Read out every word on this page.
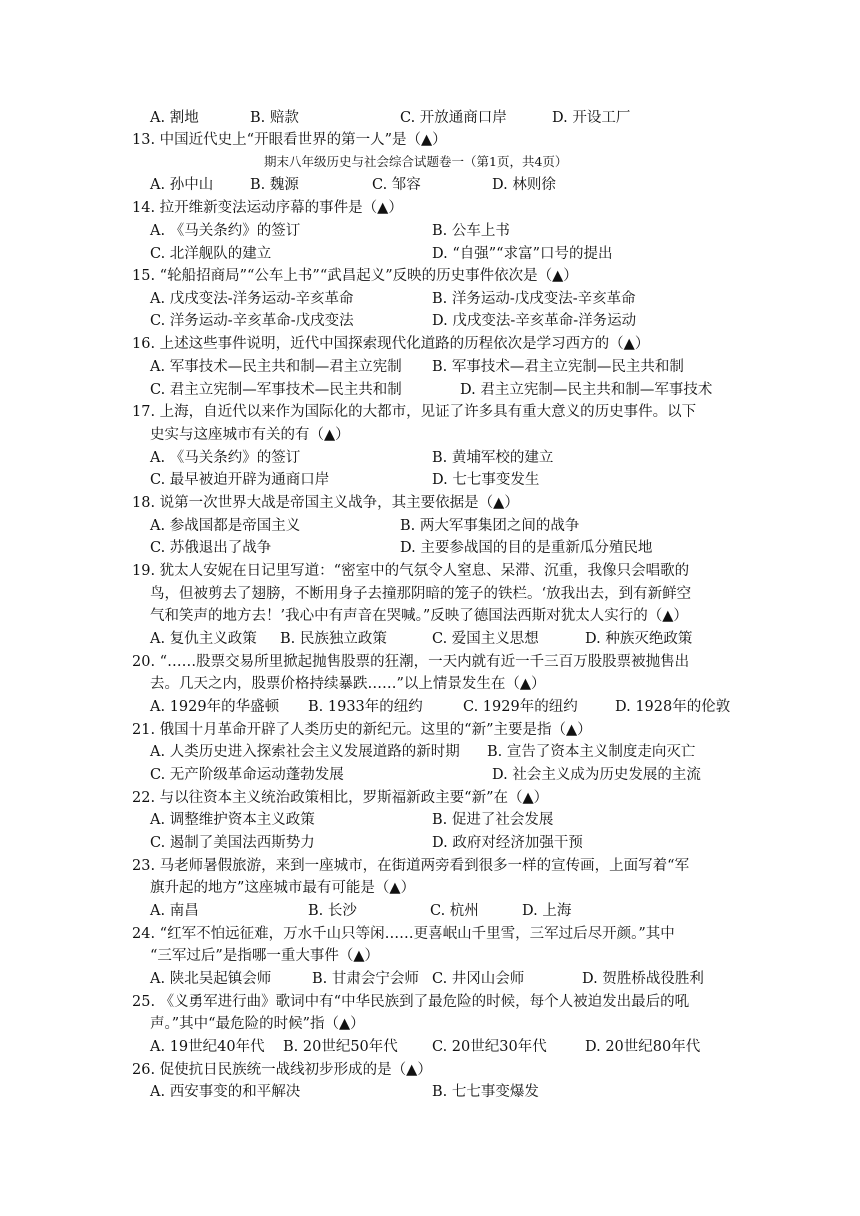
期末八年级历史与社会综合试题卷一（第1页，共4页）
A. 割地	B. 赔款	C. 开放通商口岸	D. 开设工厂
13. 中国近代史上“开眼看世界的第一人”是（▲）
A. 孙中山	B. 魏源	C. 邹容	D. 林则徐
14. 拉开维新变法运动序幕的事件是（▲）
A. 《马关条约》的签订	B. 公车上书
C. 北洋舰队的建立	D. “自强”“求富”口号的提出
15. “轮船招商局”“公车上书”“武昌起义”反映的历史事件依次是（▲）
A. 戊戌变法-洋务运动-辛亥革命	B. 洋务运动-戊戌变法-辛亥革命
C. 洋务运动-辛亥革命-戊戌变法	D. 戊戌变法-辛亥革命-洋务运动
16. 上述这些事件说明，近代中国探索现代化道路的历程依次是学习西方的（▲）
A. 军事技术—民主共和制—君主立宪制 B. 军事技术—君主立宪制—民主共和制
C. 君主立宪制—军事技术—民主共和制	D. 君主立宪制—民主共和制—军事技术
17. 上海，自近代以来作为国际化的大都市，见证了许多具有重大意义的历史事件。以下
史实与这座城市有关的有（▲）
A. 《马关条约》的签订	B. 黄埔军校的建立
C. 最早被迫开辟为通商口岸	D. 七七事变发生
18. 说第一次世界大战是帝国主义战争，其主要依据是（▲）
A. 参战国都是帝国主义	B. 两大军事集团之间的战争
C. 苏俄退出了战争	D. 主要参战国的目的是重新瓜分殖民地
19. 犹太人安妮在日记里写道：“密室中的气氛令人窒息、呆滞、沉重，我像只会唱歌的
鸟，但被剪去了翅膀，不断用身子去撞那阴暗的笼子的铁栏。‘放我出去，到有新鲜空
气和笑声的地方去！’我心中有声音在哭喊。”反映了德国法西斯对犹太人实行的（▲）
A. 复仇主义政策 B. 民族独立政策	C. 爱国主义思想	D. 种族灭绝政策
20. “……股票交易所里掀起抛售股票的狂潮，一天内就有近一千三百万股股票被抛售出
去。几天之内，股票价格持续暴跌……”以上情景发生在（▲）
A. 1929年的华盛顿 B. 1933年的纽约	C. 1929年的纽约	D. 1928年的伦敦
21. 俄国十月革命开辟了人类历史的新纪元。这里的“新”主要是指（▲）
A. 人类历史进入探索社会主义发展道路的新时期 B. 宣告了资本主义制度走向灭亡
C. 无产阶级革命运动蓬勃发展	D. 社会主义成为历史发展的主流
22. 与以往资本主义统治政策相比，罗斯福新政主要“新”在（▲）
A. 调整维护资本主义政策	B. 促进了社会发展
C. 遏制了美国法西斯势力	D. 政府对经济加强干预
23. 马老师暑假旅游，来到一座城市，在街道两旁看到很多一样的宣传画，上面写着“军
旗升起的地方”这座城市最有可能是（▲）
A. 南昌	B. 长沙	C. 杭州	D. 上海
24. “红军不怕远征难，万水千山只等闲……更喜岷山千里雪，三军过后尽开颜。”其中
“三军过后”是指哪一重大事件（▲）
A. 陕北吴起镇会师	B. 甘肃会宁会师 C. 井冈山会师	D. 贺胜桥战役胜利
25. 《义勇军进行曲》歌词中有“中华民族到了最危险的时候，每个人被迫发出最后的吼
声。”其中“最危险的时候”指（▲）
A. 19世纪40年代 B. 20世纪50年代 C. 20世纪30年代	D. 20世纪80年代
26. 促使抗日民族统一战线初步形成的是（▲）
A. 西安事变的和平解决	B. 七七事变爆发
